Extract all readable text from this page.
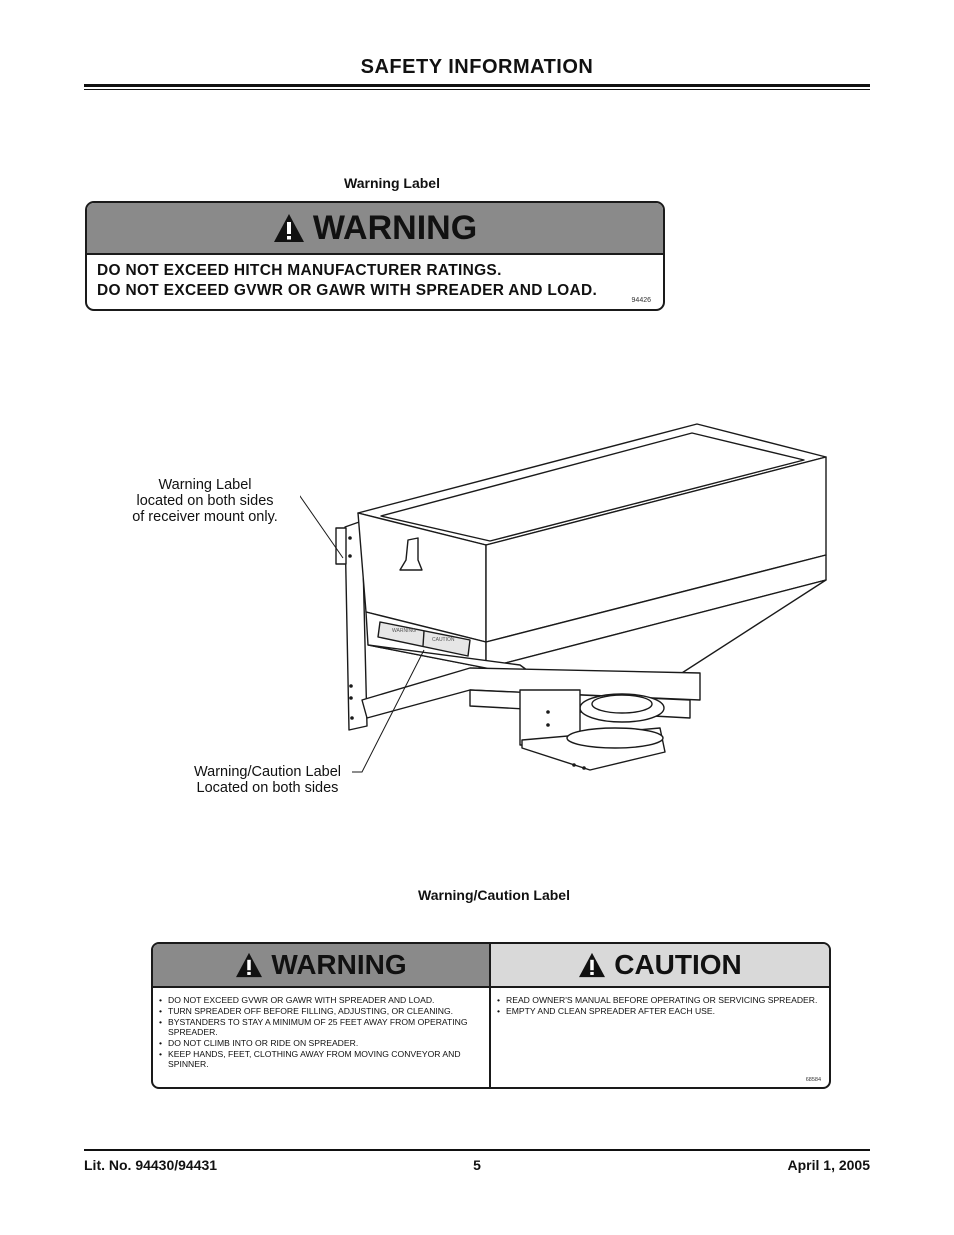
SAFETY INFORMATION
Warning Label
WARNING
DO NOT EXCEED HITCH MANUFACTURER RATINGS.
DO NOT EXCEED GVWR OR GAWR WITH SPREADER AND LOAD.
94426
WARNING
CAUTION
Warning Label
located on both sides
of receiver mount only.
Warning/Caution Label
Located on both sides
Warning/Caution Label
WARNING
• DO NOT EXCEED GVWR OR GAWR WITH SPREADER AND LOAD.
• TURN SPREADER OFF BEFORE FILLING, ADJUSTING, OR CLEANING.
• BYSTANDERS TO STAY A MINIMUM OF 25 FEET AWAY FROM OPERATING SPREADER.
• DO NOT CLIMB INTO OR RIDE ON SPREADER.
• KEEP HANDS, FEET, CLOTHING AWAY FROM MOVING CONVEYOR AND SPINNER.
CAUTION
• READ OWNER'S MANUAL BEFORE OPERATING OR SERVICING SPREADER.
• EMPTY AND CLEAN SPREADER AFTER EACH USE.
68584
Lit. No. 94430/94431	5	April 1, 2005
